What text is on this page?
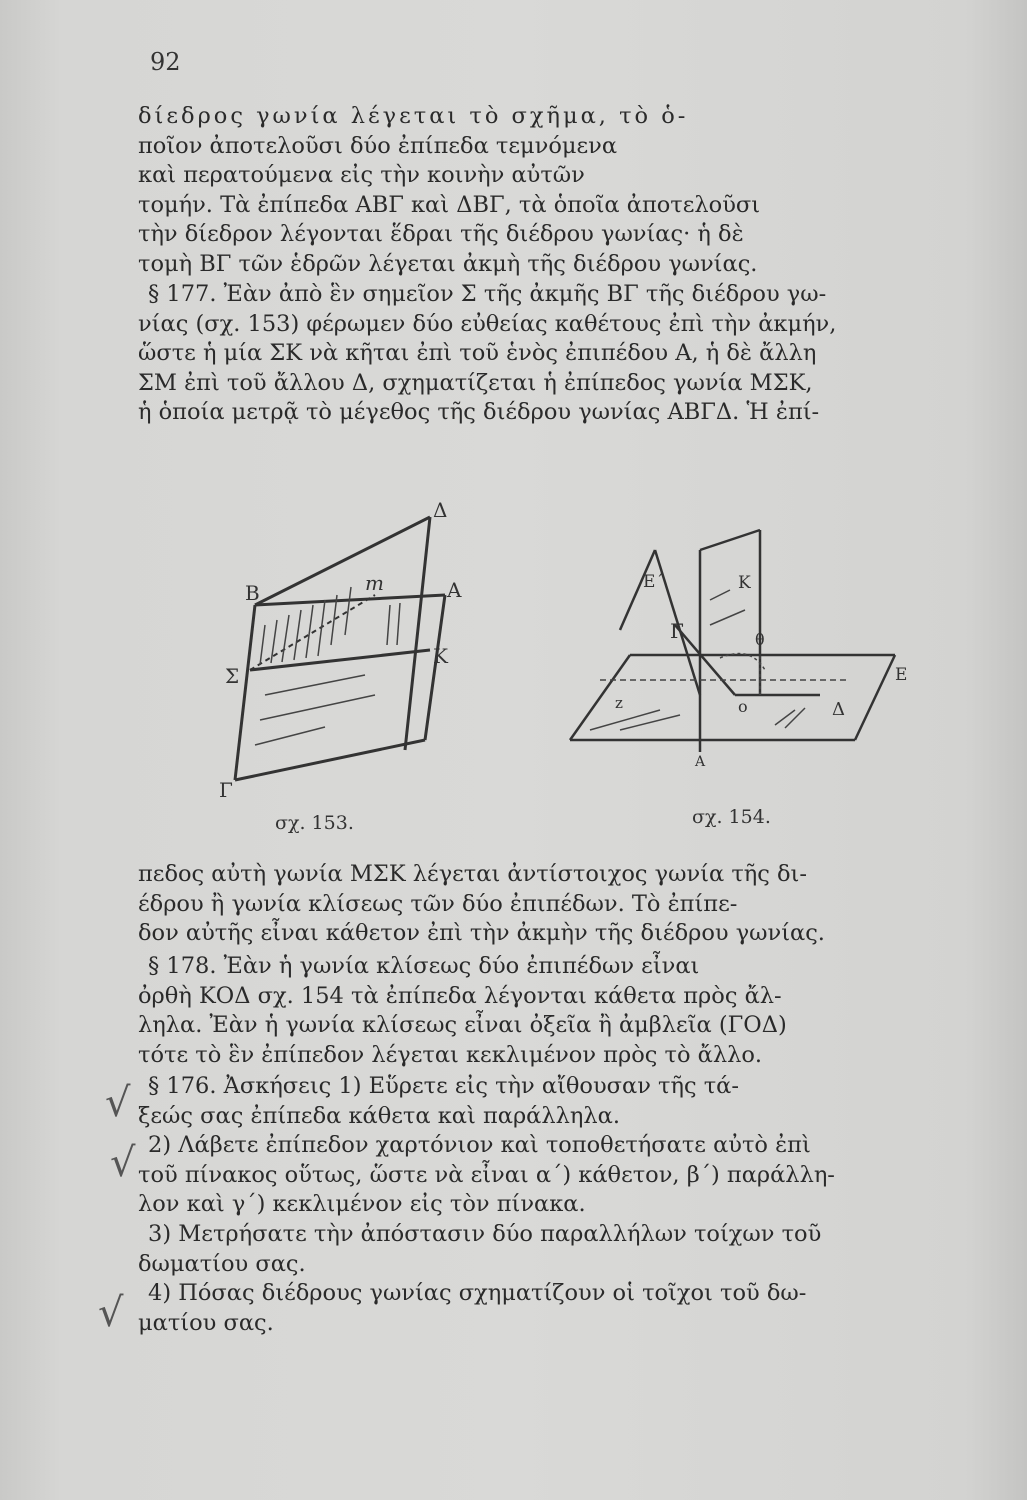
92
δίεδρος γωνία λέγεται τὸ σχῆμα, τὸ ὁ-
ποῖον ἀποτελοῦσι δύο ἐπίπεδα τεμνόμενα
καὶ περατούμενα εἰς τὴν κοινὴν αὐτῶν
τομήν. Τὰ ἐπίπεδα ΑΒΓ καὶ ΔΒΓ, τὰ ὁποῖα ἀποτελοῦσι
τὴν δίεδρον λέγονται ἕδραι τῆς διέδρου γωνίας· ἡ δὲ
τομὴ ΒΓ τῶν ἑδρῶν λέγεται ἀκμὴ τῆς διέδρου γωνίας.
§ 177. Ἐὰν ἀπὸ ἓν σημεῖον Σ τῆς ἀκμῆς ΒΓ τῆς διέδρου γω-
νίας (σχ. 153) φέρωμεν δύο εὐθείας καθέτους ἐπὶ τὴν ἀκμήν,
ὥστε ἡ μία ΣΚ νὰ κῆται ἐπὶ τοῦ ἑνὸς ἐπιπέδου Α, ἡ δὲ ἄλλη
ΣΜ ἐπὶ τοῦ ἄλλου Δ, σχηματίζεται ἡ ἐπίπεδος γωνία ΜΣΚ,
ἡ ὁποία μετρᾷ τὸ μέγεθος τῆς διέδρου γωνίας ΑΒΓΔ. Ἡ ἐπί-
Δ
Β	m	Α
Σ
Κ
Γ
σχ. 153.
Ε΄	Κ
Γ	θ
Ε
z	ο	Δ
Α
σχ. 154.
πεδος αὐτὴ γωνία ΜΣΚ λέγεται ἀντίστοιχος γωνία τῆς δι-
έδρου ἢ γωνία κλίσεως τῶν δύο ἐπιπέδων. Τὸ ἐπίπε-
δον αὐτῆς εἶναι κάθετον ἐπὶ τὴν ἀκμὴν τῆς διέδρου γωνίας.
§ 178. Ἐὰν ἡ γωνία κλίσεως δύο ἐπιπέδων εἶναι
ὀρθὴ ΚΟΔ σχ. 154 τὰ ἐπίπεδα λέγονται κάθετα πρὸς ἄλ-
ληλα. Ἐὰν ἡ γωνία κλίσεως εἶναι ὀξεῖα ἢ ἀμβλεῖα (ΓΟΔ)
τότε τὸ ἓν ἐπίπεδον λέγεται κεκλιμένον πρὸς τὸ ἄλλο.
§ 176. Ἀσκήσεις 1) Εὕρετε εἰς τὴν αἴθουσαν τῆς τά-
ξεώς σας ἐπίπεδα κάθετα καὶ παράλληλα.
2) Λάβετε ἐπίπεδον χαρτόνιον καὶ τοποθετήσατε αὐτὸ ἐπὶ
τοῦ πίνακος οὕτως, ὥστε νὰ εἶναι α΄) κάθετον, β΄) παράλλη-
λον καὶ γ΄) κεκλιμένον εἰς τὸν πίνακα.
3) Μετρήσατε τὴν ἀπόστασιν δύο παραλλήλων τοίχων τοῦ
δωματίου σας.
4) Πόσας διέδρους γωνίας σχηματίζουν οἱ τοῖχοι τοῦ δω-
ματίου σας.
√
√
√
